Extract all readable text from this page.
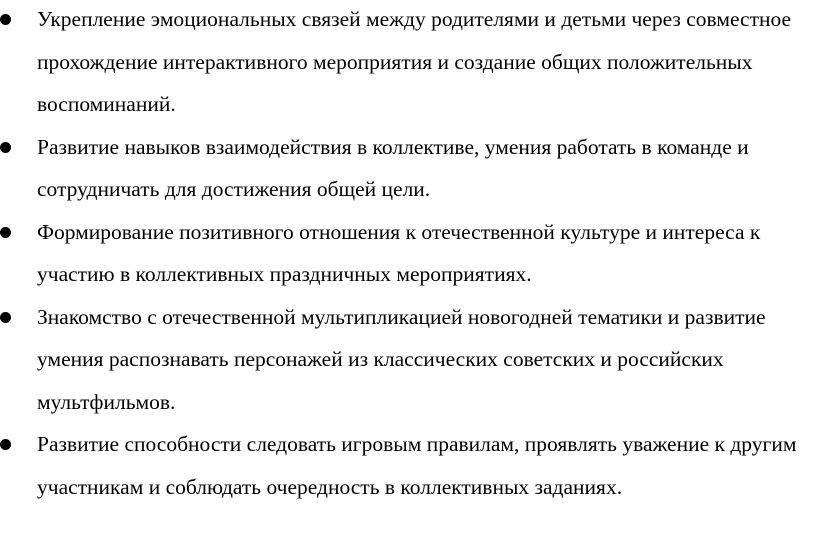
Укрепление эмоциональных связей между родителями и детьми через совместное прохождение интерактивного мероприятия и создание общих положительных воспоминаний.
Развитие навыков взаимодействия в коллективе, умения работать в команде и сотрудничать для достижения общей цели.
Формирование позитивного отношения к отечественной культуре и интереса к участию в коллективных праздничных мероприятиях.
Знакомство с отечественной мультипликацией новогодней тематики и развитие умения распознавать персонажей из классических советских и российских мультфильмов.
Развитие способности следовать игровым правилам, проявлять уважение к другим участникам и соблюдать очередность в коллективных заданиях.
